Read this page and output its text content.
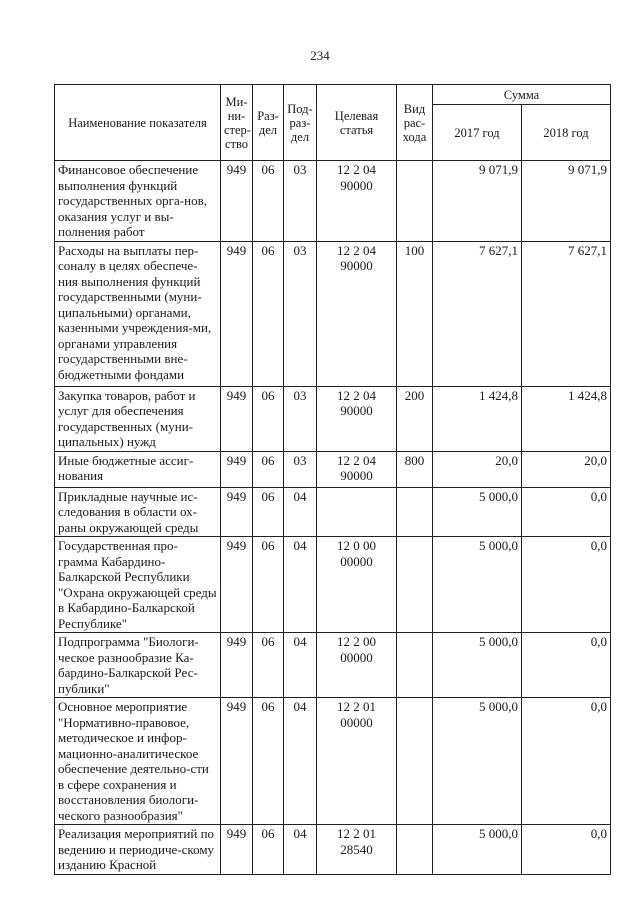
234
Наименование показателя	Ми-ни-стер-ство	Раз-дел	Под-раз-дел	Целевая статья	Вид рас-хода	Сумма	
						2017 год	2018 год
Финансовое обеспечение выполнения функций государственных орга-нов, оказания услуг и вы-полнения работ	949	06	03	12 2 04 90000		9 071,9	9 071,9
Расходы на выплаты пер-соналу в целях обеспече-ния выполнения функций государственными (муни-ципальными) органами, казенными учреждения-ми, органами управления государственными вне-бюджетными фондами	949	06	03	12 2 04 90000	100	7 627,1	7 627,1
Закупка товаров, работ и услуг для обеспечения государственных (муни-ципальных) нужд	949	06	03	12 2 04 90000	200	1 424,8	1 424,8
Иные бюджетные ассиг-нования	949	06	03	12 2 04 90000	800	20,0	20,0
Прикладные научные ис-следования в области ох-раны окружающей среды	949	06	04			5 000,0	0,0
Государственная про-грамма Кабардино-Балкарской Республики "Охрана окружающей среды в Кабардино-Балкарской Республике"	949	06	04	12 0 00 00000		5 000,0	0,0
Подпрограмма "Биологи-ческое разнообразие Ка-бардино-Балкарской Рес-публики"	949	06	04	12 2 00 00000		5 000,0	0,0
Основное мероприятие "Нормативно-правовое, методическое и инфор-мационно-аналитическое обеспечение деятельно-сти в сфере сохранения и восстановления биологи-ческого разнообразия"	949	06	04	12 2 01 00000		5 000,0	0,0
Реализация мероприятий по ведению и периодиче-скому изданию Красной	949	06	04	12 2 01 28540		5 000,0	0,0
